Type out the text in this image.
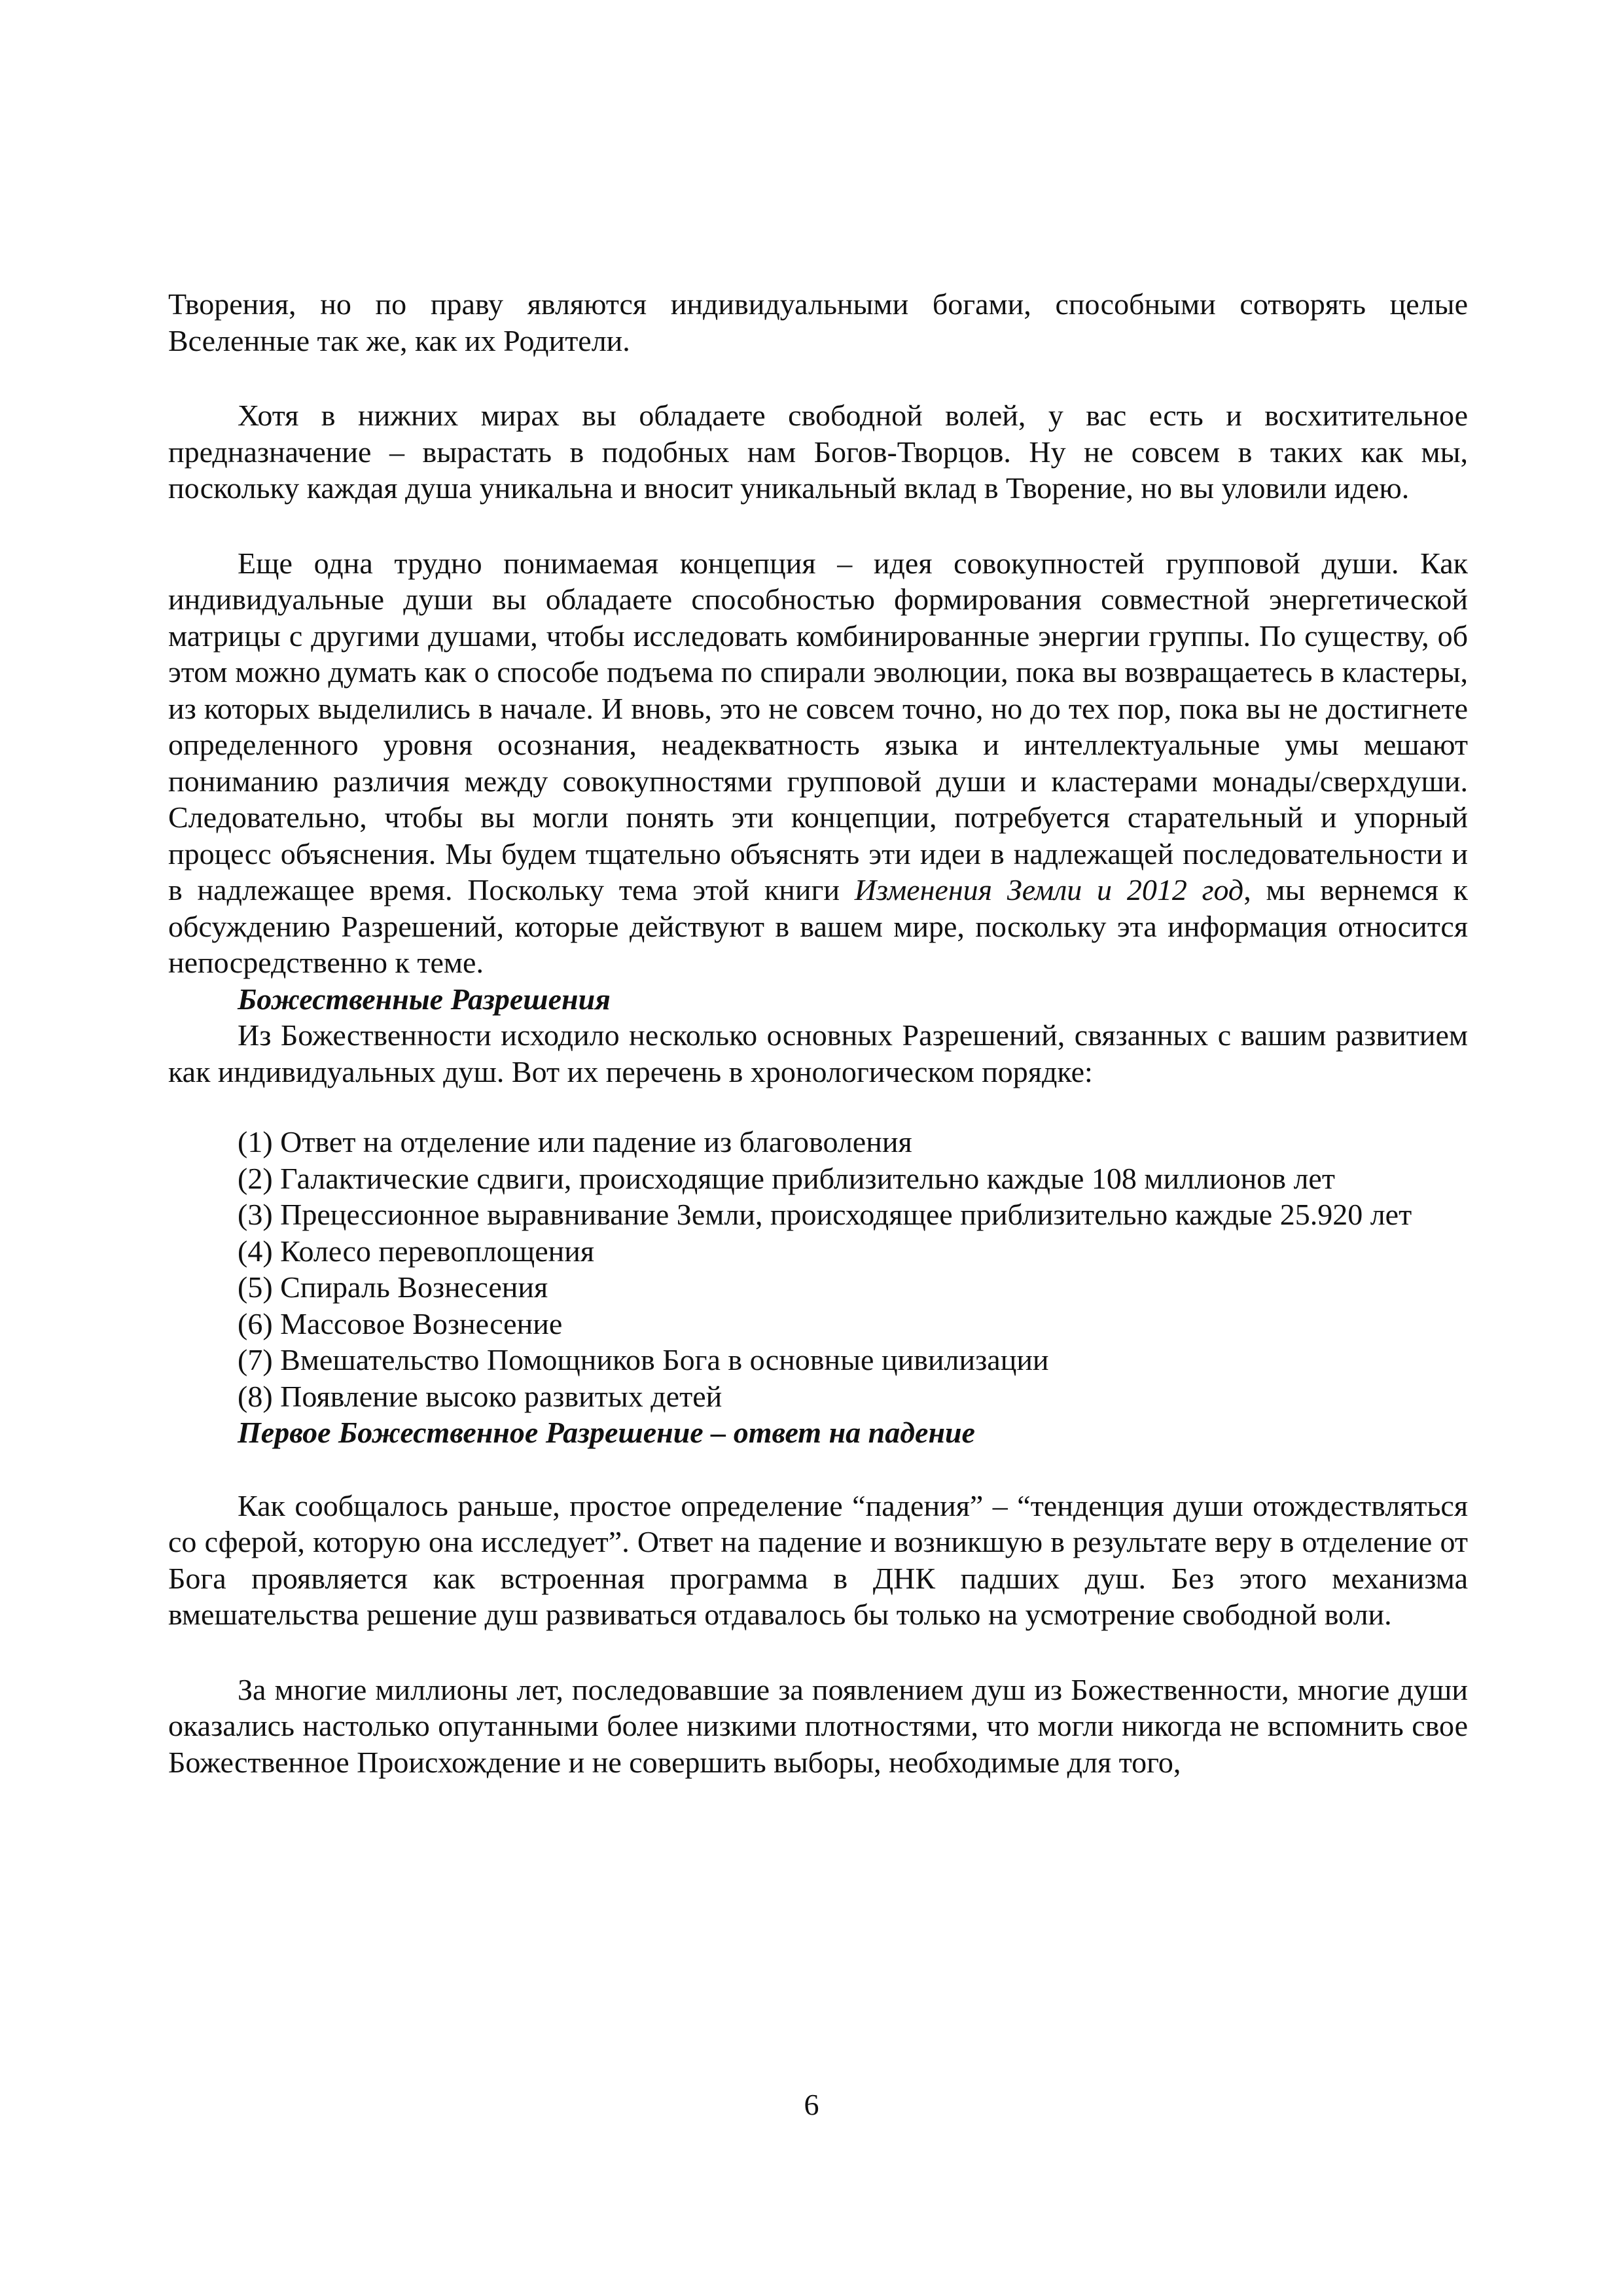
Творения, но по праву являются индивидуальными богами, способными сотворять целые Вселенные так же, как их Родители.

Хотя в нижних мирах вы обладаете свободной волей, у вас есть и восхитительное предназначение – вырастать в подобных нам Богов-Творцов. Ну не совсем в таких как мы, поскольку каждая душа уникальна и вносит уникальный вклад в Творение, но вы уловили идею.

Еще одна трудно понимаемая концепция – идея совокупностей групповой души. Как индивидуальные души вы обладаете способностью формирования совместной энергетической матрицы с другими душами, чтобы исследовать комбинированные энергии группы. По существу, об этом можно думать как о способе подъема по спирали эволюции, пока вы возвращаетесь в кластеры, из которых выделились в начале. И вновь, это не совсем точно, но до тех пор, пока вы не достигнете определенного уровня осознания, неадекватность языка и интеллектуальные умы мешают пониманию различия между совокупностями групповой души и кластерами монады/сверхдуши. Следовательно, чтобы вы могли понять эти концепции, потребуется старательный и упорный процесс объяснения. Мы будем тщательно объяснять эти идеи в надлежащей последовательности и в надлежащее время. Поскольку тема этой книги Изменения Земли и 2012 год, мы вернемся к обсуждению Разрешений, которые действуют в вашем мире, поскольку эта информация относится непосредственно к теме.

Божественные Разрешения

Из Божественности исходило несколько основных Разрешений, связанных с вашим развитием как индивидуальных душ. Вот их перечень в хронологическом порядке:

(1) Ответ на отделение или падение из благоволения
(2) Галактические сдвиги, происходящие приблизительно каждые 108 миллионов лет
(3) Прецессионное выравнивание Земли, происходящее приблизительно каждые 25.920 лет
(4) Колесо перевоплощения
(5) Спираль Вознесения
(6) Массовое Вознесение
(7) Вмешательство Помощников Бога в основные цивилизации
(8) Появление высоко развитых детей
Первое Божественное Разрешение – ответ на падение

Как сообщалось раньше, простое определение “падения” – “тенденция души отождествляться со сферой, которую она исследует”. Ответ на падение и возникшую в результате веру в отделение от Бога проявляется как встроенная программа в ДНК падших душ. Без этого механизма вмешательства решение душ развиваться отдавалось бы только на усмотрение свободной воли.

За многие миллионы лет, последовавшие за появлением душ из Божественности, многие души оказались настолько опутанными более низкими плотностями, что могли никогда не вспомнить свое Божественное Происхождение и не совершить выборы, необходимые для того,

6
